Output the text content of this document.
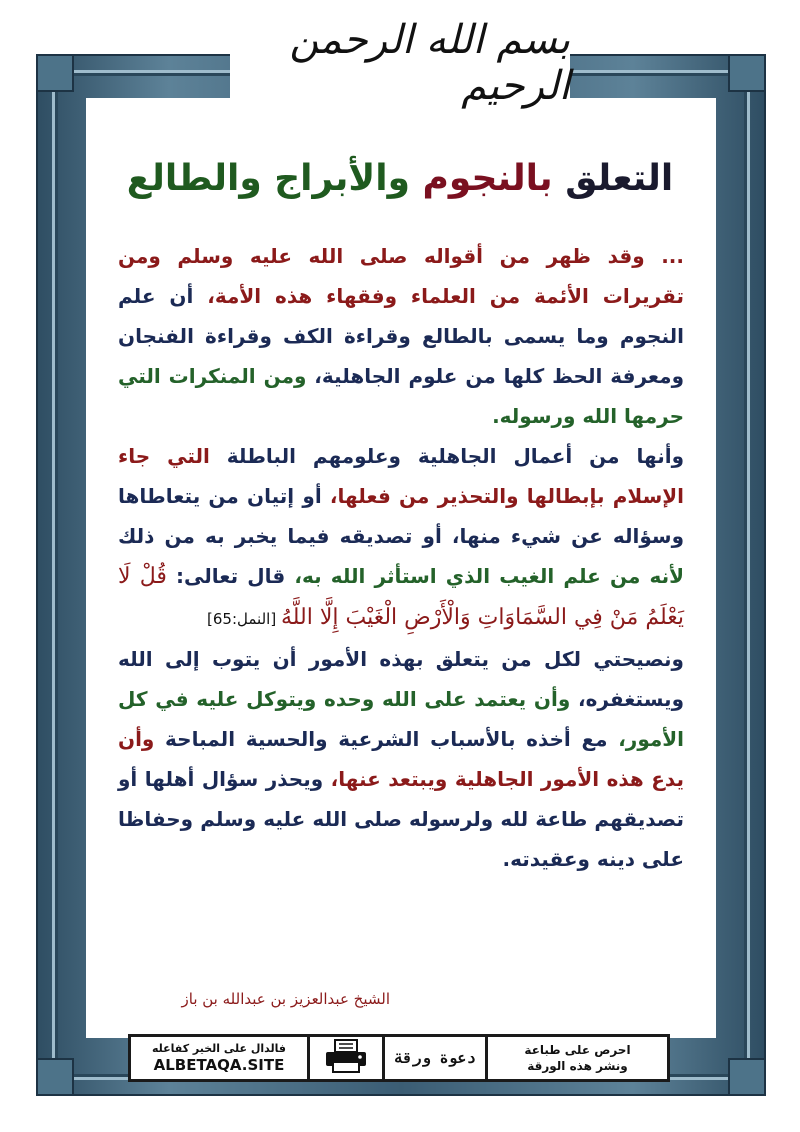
بسم الله الرحمن الرحيم
التعلق بالنجوم والأبراج والطالع

... وقد ظهر من أقواله صلى الله عليه وسلم ومن تقريرات الأئمة من العلماء وفقهاء هذه الأمة، أن علم النجوم وما يسمى بالطالع وقراءة الكف وقراءة الفنجان ومعرفة الحظ كلها من علوم الجاهلية، ومن المنكرات التي حرمها الله ورسوله.

وأنها من أعمال الجاهلية وعلومهم الباطلة التي جاء الإسلام بإبطالها والتحذير من فعلها، أو إتيان من يتعاطاها وسؤاله عن شيء منها، أو تصديقه فيما يخبر به من ذلك لأنه من علم الغيب الذي استأثر الله به، قال تعالى: قُلْ لَا يَعْلَمُ مَنْ فِي السَّمَاوَاتِ وَالْأَرْضِ الْغَيْبَ إِلَّا اللَّهُ [النمل:65]

ونصيحتي لكل من يتعلق بهذه الأمور أن يتوب إلى الله ويستغفره، وأن يعتمد على الله وحده ويتوكل عليه في كل الأمور، مع أخذه بالأسباب الشرعية والحسية المباحة وأن يدع هذه الأمور الجاهلية ويبتعد عنها، ويحذر سؤال أهلها أو تصديقهم طاعة لله ولرسوله صلى الله عليه وسلم وحفاظا على دينه وعقيدته.

الشيخ عبدالعزيز بن عبدالله بن باز
فالدال على الخير كفاعله
ALBETAQA.SITE	دعوة ورقة	احرص على طباعة
ونشر هذه الورقة
